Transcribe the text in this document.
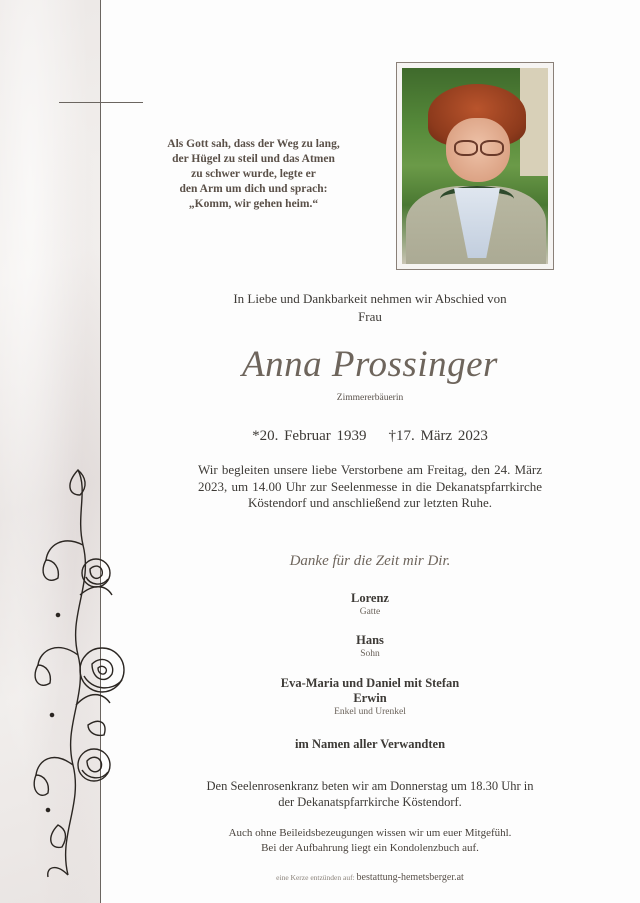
Als Gott sah, dass der Weg zu lang,
der Hügel zu steil und das Atmen
zu schwer wurde, legte er
den Arm um dich und sprach:
„Komm, wir gehen heim.“
In Liebe und Dankbarkeit nehmen wir Abschied von
Frau
Anna Prossinger
Zimmererbäuerin
*20. Februar 1939 †17. März 2023
Wir begleiten unsere liebe Verstorbene am Freitag, den 24. März 2023, um 14.00 Uhr zur Seelenmesse in die Dekanatspfarrkirche Köstendorf und anschließend zur letzten Ruhe.
Danke für die Zeit mir Dir.
Lorenz
Gatte
Hans
Sohn
Eva-Maria und Daniel mit Stefan
Erwin
Enkel und Urenkel
im Namen aller Verwandten
Den Seelenrosenkranz beten wir am Donnerstag um 18.30 Uhr in der Dekanatspfarrkirche Köstendorf.
Auch ohne Beileidsbezeugungen wissen wir um euer Mitgefühl.
Bei der Aufbahrung liegt ein Kondolenzbuch auf.
eine Kerze entzünden auf: bestattung-hemetsberger.at
